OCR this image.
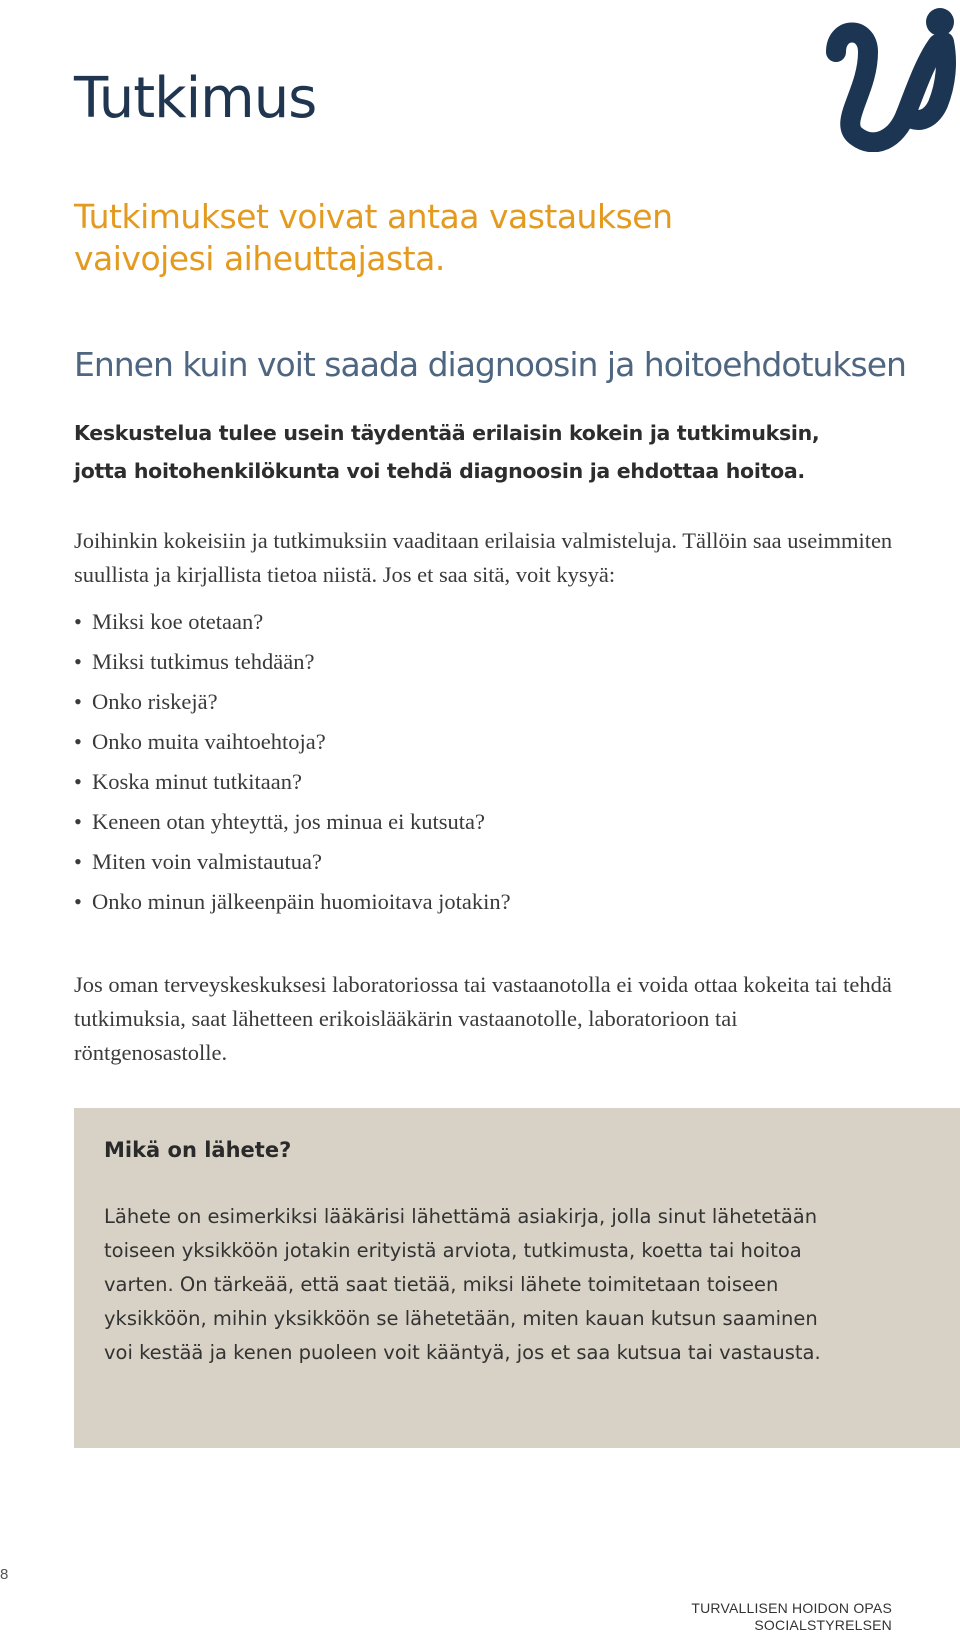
Tutkimus
Tutkimukset voivat antaa vastauksen vaivojesi aiheuttajasta.
Ennen kuin voit saada diagnoosin ja hoitoehdotuksen

Keskustelua tulee usein täydentää erilaisin kokein ja tutkimuksin, jotta hoitohenkilökunta voi tehdä diagnoosin ja ehdottaa hoitoa.

Joihinkin kokeisiin ja tutkimuksiin vaaditaan erilaisia valmisteluja. Tällöin saa useimmiten suullista ja kirjallista tietoa niistä. Jos et saa sitä, voit kysyä:

• Miksi koe otetaan?
• Miksi tutkimus tehdään?
• Onko riskejä?
• Onko muita vaihtoehtoja?
• Koska minut tutkitaan?
• Keneen otan yhteyttä, jos minua ei kutsuta?
• Miten voin valmistautua?
• Onko minun jälkeenpäin huomioitava jotakin?

Jos oman terveyskeskuksesi laboratoriossa tai vastaanotolla ei voida ottaa kokeita tai tehdä tutkimuksia, saat lähetteen erikoislääkärin vastaanotolle, laboratorioon tai röntgenosastolle.

Mikä on lähete?

Lähete on esimerkiksi lääkärisi lähettämä asiakirja, jolla sinut lähetetään toiseen yksikköön jotakin erityistä arviota, tutkimusta, koetta tai hoitoa varten. On tärkeää, että saat tietää, miksi lähete toimitetaan toiseen yksikköön, mihin yksikköön se lähetetään, miten kauan kutsun saaminen voi kestää ja kenen puoleen voit kääntyä, jos et saa kutsua tai vastausta.

8
TURVALLISEN HOIDON OPAS
SOCIALSTYRELSEN
